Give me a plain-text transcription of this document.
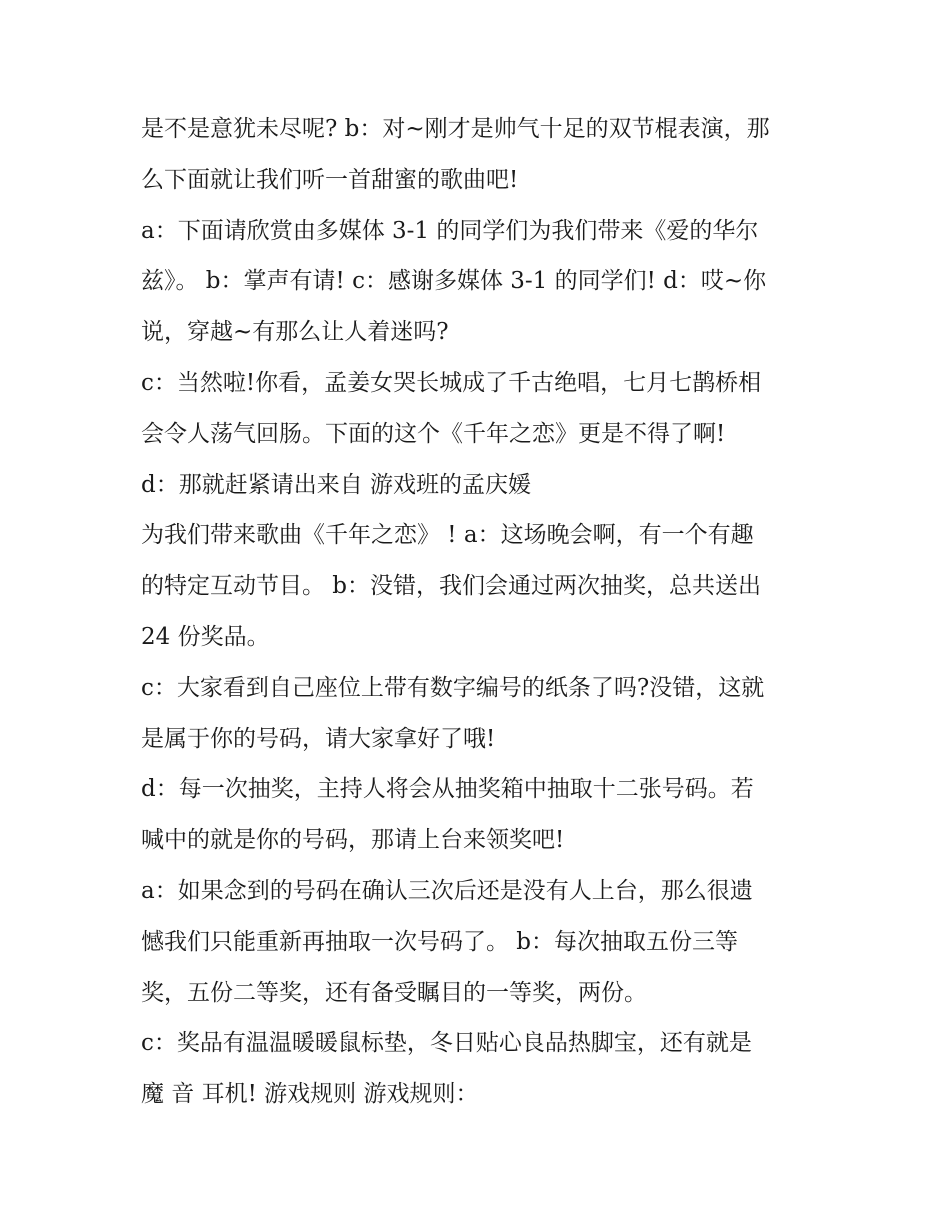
是不是意犹未尽呢? b：对~刚才是帅气十足的双节棍表演，那
么下面就让我们听一首甜蜜的歌曲吧!
a：下面请欣赏由多媒体 3-1 的同学们为我们带来《爱的华尔
兹》。 b：掌声有请! c：感谢多媒体 3-1 的同学们! d：哎~你
说，穿越~有那么让人着迷吗?
c：当然啦!你看，孟姜女哭长城成了千古绝唱，七月七鹊桥相
会令人荡气回肠。下面的这个《千年之恋》更是不得了啊!
d：那就赶紧请出来自 游戏班的孟庆媛
为我们带来歌曲《千年之恋》 ! a：这场晚会啊，有一个有趣
的特定互动节目。 b：没错，我们会通过两次抽奖，总共送出
24 份奖品。
c：大家看到自己座位上带有数字编号的纸条了吗?没错，这就
是属于你的号码，请大家拿好了哦!
d：每一次抽奖，主持人将会从抽奖箱中抽取十二张号码。若
喊中的就是你的号码，那请上台来领奖吧!
a：如果念到的号码在确认三次后还是没有人上台，那么很遗
憾我们只能重新再抽取一次号码了。 b：每次抽取五份三等
奖，五份二等奖，还有备受瞩目的一等奖，两份。
c：奖品有温温暖暖鼠标垫，冬日贴心良品热脚宝，还有就是
魔 音 耳机! 游戏规则 游戏规则：
